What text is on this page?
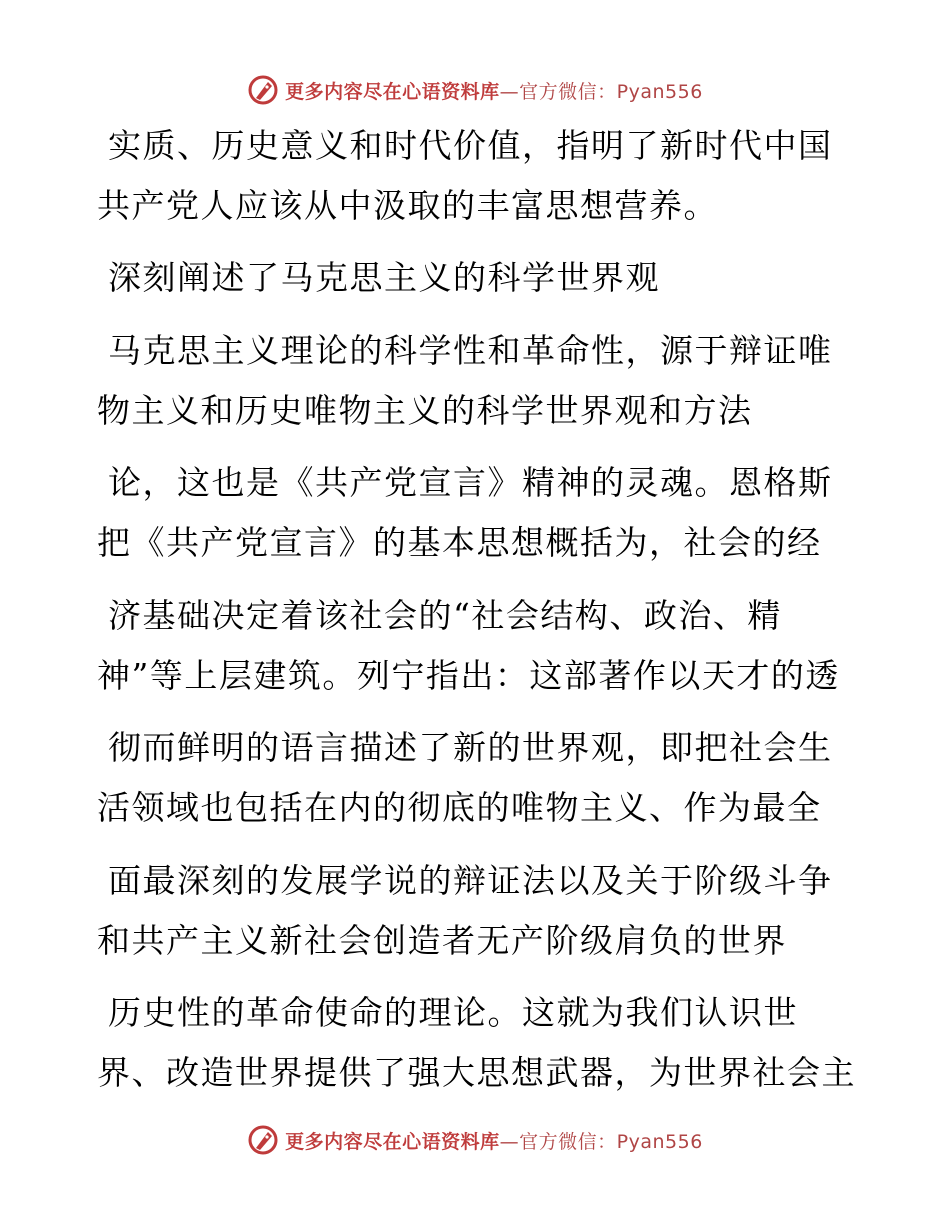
更多内容尽在心语资料库—官方微信：Pyan556
实质、历史意义和时代价值，指明了新时代中国
共产党人应该从中汲取的丰富思想营养。
深刻阐述了马克思主义的科学世界观
马克思主义理论的科学性和革命性，源于辩证唯
物主义和历史唯物主义的科学世界观和方法
论，这也是《共产党宣言》精神的灵魂。恩格斯
把《共产党宣言》的基本思想概括为，社会的经
济基础决定着该社会的“社会结构、政治、精
神”等上层建筑。列宁指出：这部著作以天才的透
彻而鲜明的语言描述了新的世界观，即把社会生
活领域也包括在内的彻底的唯物主义、作为最全
面最深刻的发展学说的辩证法以及关于阶级斗争
和共产主义新社会创造者无产阶级肩负的世界
历史性的革命使命的理论。这就为我们认识世
界、改造世界提供了强大思想武器，为世界社会主
更多内容尽在心语资料库—官方微信：Pyan556
